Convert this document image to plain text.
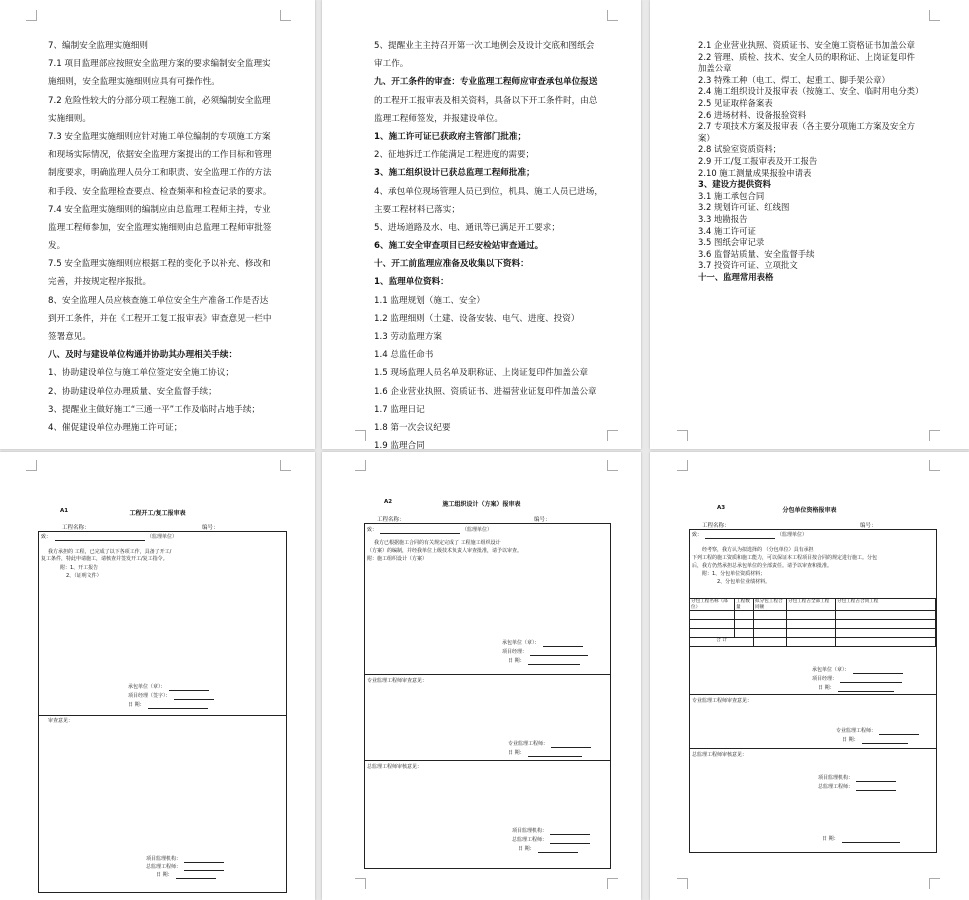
7、编制安全监理实施细则
7.1 项目监理部应按照安全监理方案的要求编制安全监理实
施细则，安全监理实施细则应具有可操作性。
7.2 危险性较大的分部分项工程施工前，必须编制安全监理
实施细则。
7.3 安全监理实施细则应针对施工单位编制的专项施工方案
和现场实际情况，依据安全监理方案提出的工作目标和管理
制度要求，明确监理人员分工和职责、安全监理工作的方法
和手段、安全监理检查要点、检查频率和检查记录的要求。
7.4 安全监理实施细则的编制应由总监理工程师主持，专业
监理工程师参加，安全监理实施细则由总监理工程师审批签
发。
7.5 安全监理实施细则应根据工程的变化予以补充、修改和
完善，并按规定程序报批。
8、安全监理人员应核查施工单位安全生产准备工作是否达
到开工条件，并在《工程开工复工报审表》审查意见一栏中
签署意见。
八、及时与建设单位构通并协助其办理相关手续：
1、协助建设单位与施工单位签定安全施工协议；
2、协助建设单位办理质量、安全监督手续；
3、提醒业主做好施工“三通一平”工作及临时占地手续；
4、催促建设单位办理施工许可证；
5、提醒业主主持召开第一次工地例会及设计交底和图纸会
审工作。
九、开工条件的审查：专业监理工程师应审查承包单位报送
的工程开工报审表及相关资料，具备以下开工条件时，由总
监理工程师签发，并报建设单位。
1、施工许可证已获政府主管部门批准；
2、征地拆迁工作能满足工程进度的需要；
3、施工组织设计已获总监理工程师批准；
4、承包单位现场管理人员已到位，机具、施工人员已进场，
主要工程材料已落实；
5、进场道路及水、电、通讯等已满足开工要求；
6、施工安全审查项目已经安检站审查通过。
十、开工前监理应准备及收集以下资料：
1、监理单位资料：
1.1 监理规划（施工、安全）
1.2 监理细则（土建、设备安装、电气、进度、投资）
1.3 劳动监理方案
1.4 总监任命书
1.5 现场监理人员名单及职称证、上岗证复印件加盖公章
1.6 企业营业执照、资质证书、进福营业证复印件加盖公章
1.7 监理日记
1.8 第一次会议纪要
1.9 监理合同
2.1 企业营业执照、资质证书、安全施工资格证书加盖公章
2.2 管理、质检、技术、安全人员的职称证、上岗证复印件
加盖公章
2.3 特殊工种（电工、焊工、起重工、脚手架公章）
2.4 施工组织设计及报审表（按施工、安全、临时用电分类）
2.5 见证取样备案表
2.6 进场材料、设备报验资料
2.7 专项技术方案及报审表（各主要分项施工方案及安全方
案）
2.8 试验室资质资料；
2.9 开工/复工报审表及开工报告
2.10 施工测量成果报验申请表
3、建设方提供资料
3.1 施工承包合同
3.2 规划许可证、红线图
3.3 地勘报告
3.4 施工许可证
3.5 图纸会审记录
3.6 监督站质量、安全监督手续
3.7 投资许可证、立项批文
十一、监理常用表格
A1	工程开工/复工报审表
工程名称：	编号：
致：	（监理单位）
我方承担的 工程，已完成了以下各项工作，具备了开工/
复工条件，特此申请施工，请核查并签发开工/复工指令。
附：1、开工报告
2、（证明文件）
承包单位（章）：
项目经理（签字）：
日 期：
审查意见：
项目监理机构：
总监理工程师：
日 期：
A2	施工组织设计（方案）报审表
工程名称：	编号：
致：	（监理单位）
我方已根据施工合同的有关规定完成了 工程施工组织设计
（方案）的编制，并经我单位上级技术负责人审查批准，请予以审查。
附：施工组织设计（方案）
承包单位（章）：
项目经理：
日 期：
专业监理工程师审查意见：
专业监理工程师：
日 期：
总监理工程师审核意见：
项目监理机构：
总监理工程师：
日 期：
A3	分包单位资格报审表
工程名称：	编号：
致：	（监理单位）
经考察，我方认为拟选择的 （分包单位）具有承担
下列工程的施工资质和施工能力，可以保证本工程项目按合同的规定进行施工。分包
后，我方仍然承担总承包单位的全部责任。请予以审查和批准。
附：1、分包单位资质材料；
2、分包单位业绩材料。
分包工程名称（部位）	工程数量	拟分包工程合同额	分包工程占全部工程	分包工程占合同工程

合 计				
承包单位（章）：
项目经理：
日 期：
专业监理工程师审查意见：
专业监理工程师：
日 期：
总监理工程师审核意见：
项目监理机构：
总监理工程师：
日 期：
